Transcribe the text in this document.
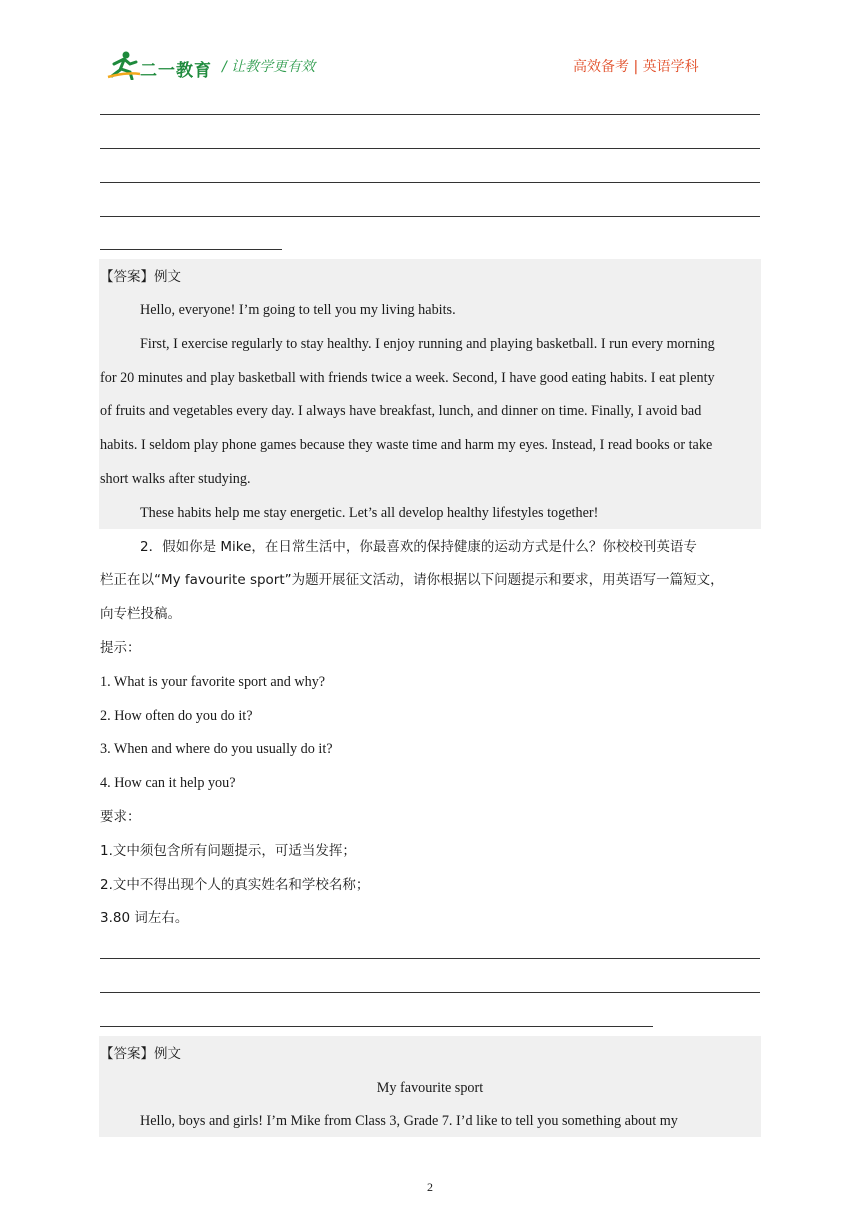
二一教育 / 让教学更有效	高效备考 | 英语学科
【答案】例文
Hello, everyone! I’m going to tell you my living habits.
First, I exercise regularly to stay healthy. I enjoy running and playing basketball. I run every morning
for 20 minutes and play basketball with friends twice a week. Second, I have good eating habits. I eat plenty
of fruits and vegetables every day. I always have breakfast, lunch, and dinner on time. Finally, I avoid bad
habits. I seldom play phone games because they waste time and harm my eyes. Instead, I read books or take
short walks after studying.
These habits help me stay energetic. Let’s all develop healthy lifestyles together!
2．假如你是 Mike，在日常生活中，你最喜欢的保持健康的运动方式是什么？你校校刊英语专
栏正在以“My favourite sport”为题开展征文活动，请你根据以下问题提示和要求，用英语写一篇短文，
向专栏投稿。
提示：
1. What is your favorite sport and why?
2. How often do you do it?
3. When and where do you usually do it?
4. How can it help you?
要求：
1.文中须包含所有问题提示，可适当发挥；
2.文中不得出现个人的真实姓名和学校名称；
3.80 词左右。
【答案】例文
My favourite sport
Hello, boys and girls! I’m Mike from Class 3, Grade 7. I’d like to tell you something about my
2
